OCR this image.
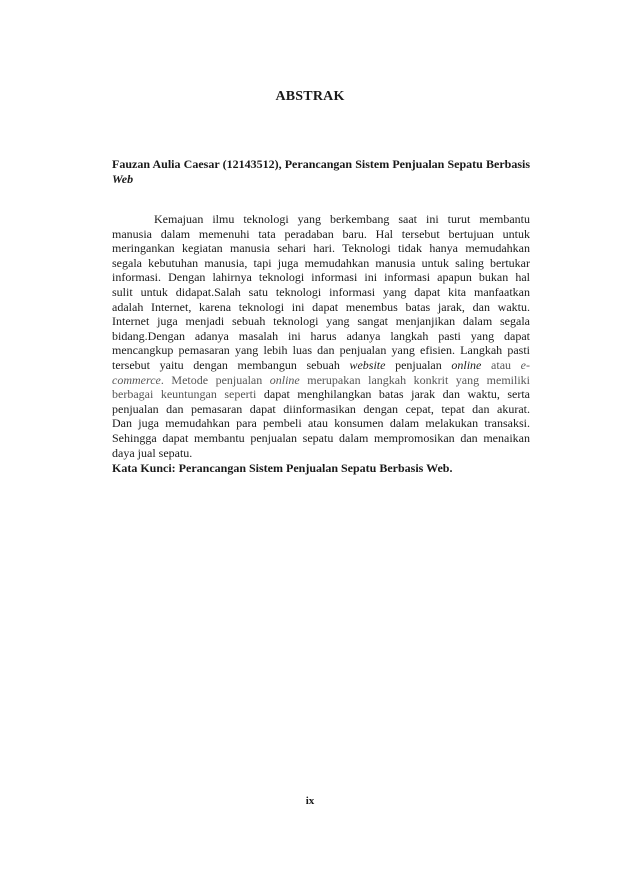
ABSTRAK
Fauzan Aulia Caesar (12143512), Perancangan Sistem Penjualan Sepatu Berbasis Web
Kemajuan ilmu teknologi yang berkembang saat ini turut membantu
manusia dalam memenuhi tata peradaban baru. Hal tersebut bertujuan untuk
meringankan kegiatan manusia sehari hari. Teknologi tidak hanya memudahkan
segala kebutuhan manusia, tapi juga memudahkan manusia untuk saling bertukar
informasi. Dengan lahirnya teknologi informasi ini informasi apapun bukan hal
sulit untuk didapat.Salah satu teknologi informasi yang dapat kita manfaatkan
adalah Internet, karena teknologi ini dapat menembus batas jarak, dan waktu.
Internet juga menjadi sebuah teknologi yang sangat menjanjikan dalam segala
bidang.Dengan adanya masalah ini harus adanya langkah pasti yang dapat
mencangkup pemasaran yang lebih luas dan penjualan yang efisien. Langkah pasti
tersebut yaitu dengan membangun sebuah website penjualan online atau e-
commerce. Metode penjualan online merupakan langkah konkrit yang memiliki
berbagai keuntungan seperti dapat menghilangkan batas jarak dan waktu, serta
penjualan dan pemasaran dapat diinformasikan dengan cepat, tepat dan akurat.
Dan juga memudahkan para pembeli atau konsumen dalam melakukan transaksi.
Sehingga dapat membantu penjualan sepatu dalam mempromosikan dan menaikan
daya jual sepatu.
Kata Kunci: Perancangan Sistem Penjualan Sepatu Berbasis Web.
ix
